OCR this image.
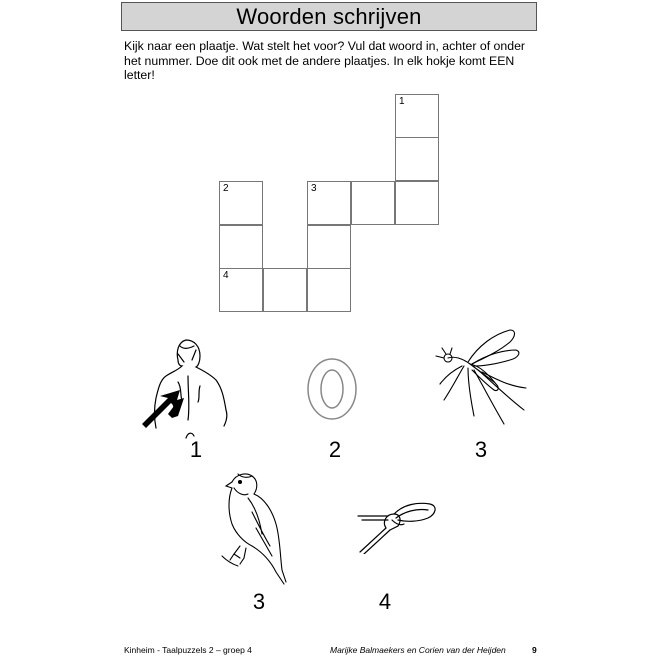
Woorden schrijven
Kijk naar een plaatje. Wat stelt het voor? Vul dat woord in, achter of onder het nummer. Doe dit ook met de andere plaatjes. In elk hokje komt EEN letter!
1
3
2
4
1	2	3
3	4
Kinheim - Taalpuzzels 2 – groep 4	Marijke Balmaekers en Corien van der Heijden	9
